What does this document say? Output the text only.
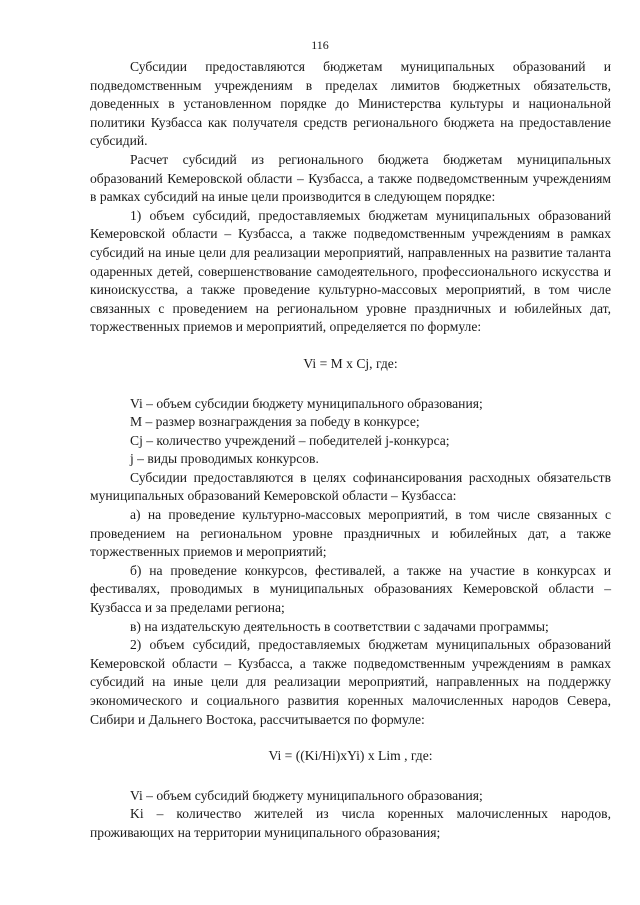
116

Субсидии предоставляются бюджетам муниципальных образований и подведомственным учреждениям в пределах лимитов бюджетных обязательств, доведенных в установленном порядке до Министерства культуры и национальной политики Кузбасса как получателя средств регионального бюджета на предоставление субсидий.

Расчет субсидий из регионального бюджета бюджетам муниципальных образований Кемеровской области – Кузбасса, а также подведомственным учреждениям в рамках субсидий на иные цели производится в следующем порядке:

1) объем субсидий, предоставляемых бюджетам муниципальных образований Кемеровской области – Кузбасса, а также подведомственным учреждениям в рамках субсидий на иные цели для реализации мероприятий, направленных на развитие таланта одаренных детей, совершенствование самодеятельного, профессионального искусства и киноискусства, а также проведение культурно-массовых мероприятий, в том числе связанных с проведением на региональном уровне праздничных и юбилейных дат, торжественных приемов и мероприятий, определяется по формуле:

Vi = M x Cj, где:

Vi – объем субсидии бюджету муниципального образования;

M – размер вознаграждения за победу в конкурсе;

Cj – количество учреждений – победителей j-конкурса;

j – виды проводимых конкурсов.

Субсидии предоставляются в целях софинансирования расходных обязательств муниципальных образований Кемеровской области – Кузбасса:

а) на проведение культурно-массовых мероприятий, в том числе связанных с проведением на региональном уровне праздничных и юбилейных дат, а также торжественных приемов и мероприятий;

б) на проведение конкурсов, фестивалей, а также на участие в конкурсах и фестивалях, проводимых в муниципальных образованиях Кемеровской области – Кузбасса и за пределами региона;

в) на издательскую деятельность в соответствии с задачами программы;

2) объем субсидий, предоставляемых бюджетам муниципальных образований Кемеровской области – Кузбасса, а также подведомственным учреждениям в рамках субсидий на иные цели для реализации мероприятий, направленных на поддержку экономического и социального развития коренных малочисленных народов Севера, Сибири и Дальнего Востока, рассчитывается по формуле:

Vi = ((Ki/Hi)xYi) x Lim , где:

Vi – объем субсидий бюджету муниципального образования;

Ki – количество жителей из числа коренных малочисленных народов, проживающих на территории муниципального образования;
